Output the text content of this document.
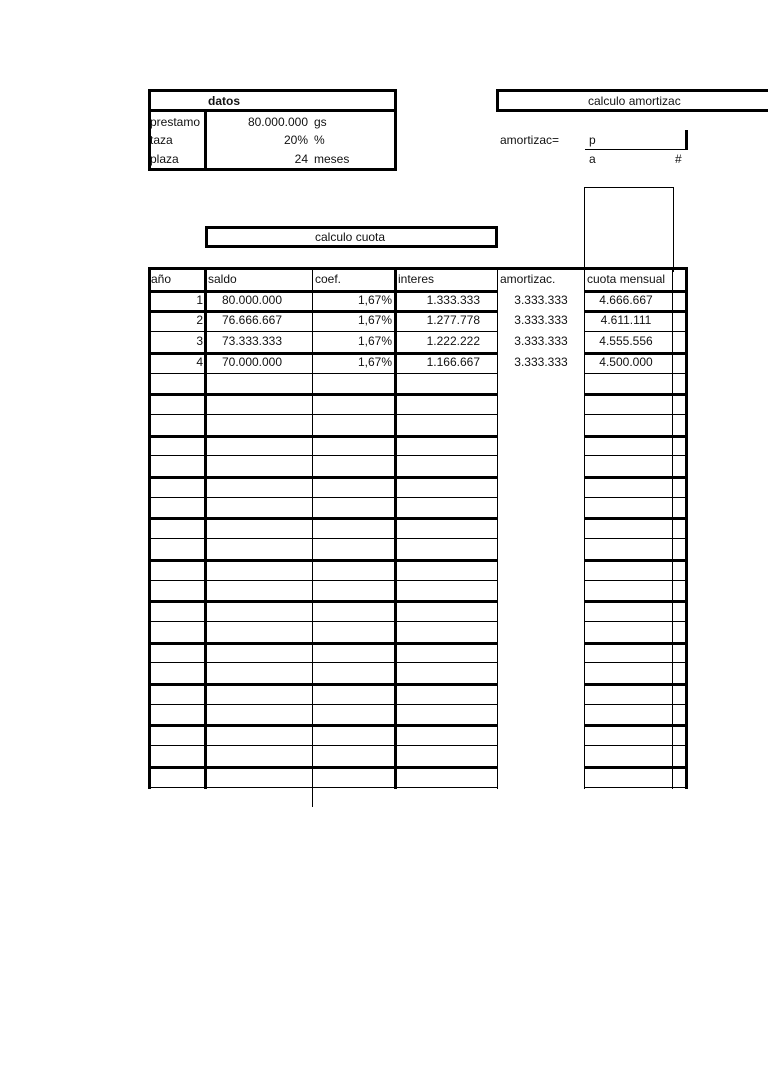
datos
prestamo	80.000.000 gs
taza	20% %
plaza	24 meses
calculo amortizac
amortizac= p
a	#
calculo cuota
año	saldo	coef.	interes	amortizac.	cuota mensual
1	80.000.000	1,67%	1.333.333	3.333.333	4.666.667
2	76.666.667	1,67%	1.277.778	3.333.333	4.611.111
3	73.333.333	1,67%	1.222.222	3.333.333	4.555.556
4	70.000.000	1,67%	1.166.667	3.333.333	4.500.000
